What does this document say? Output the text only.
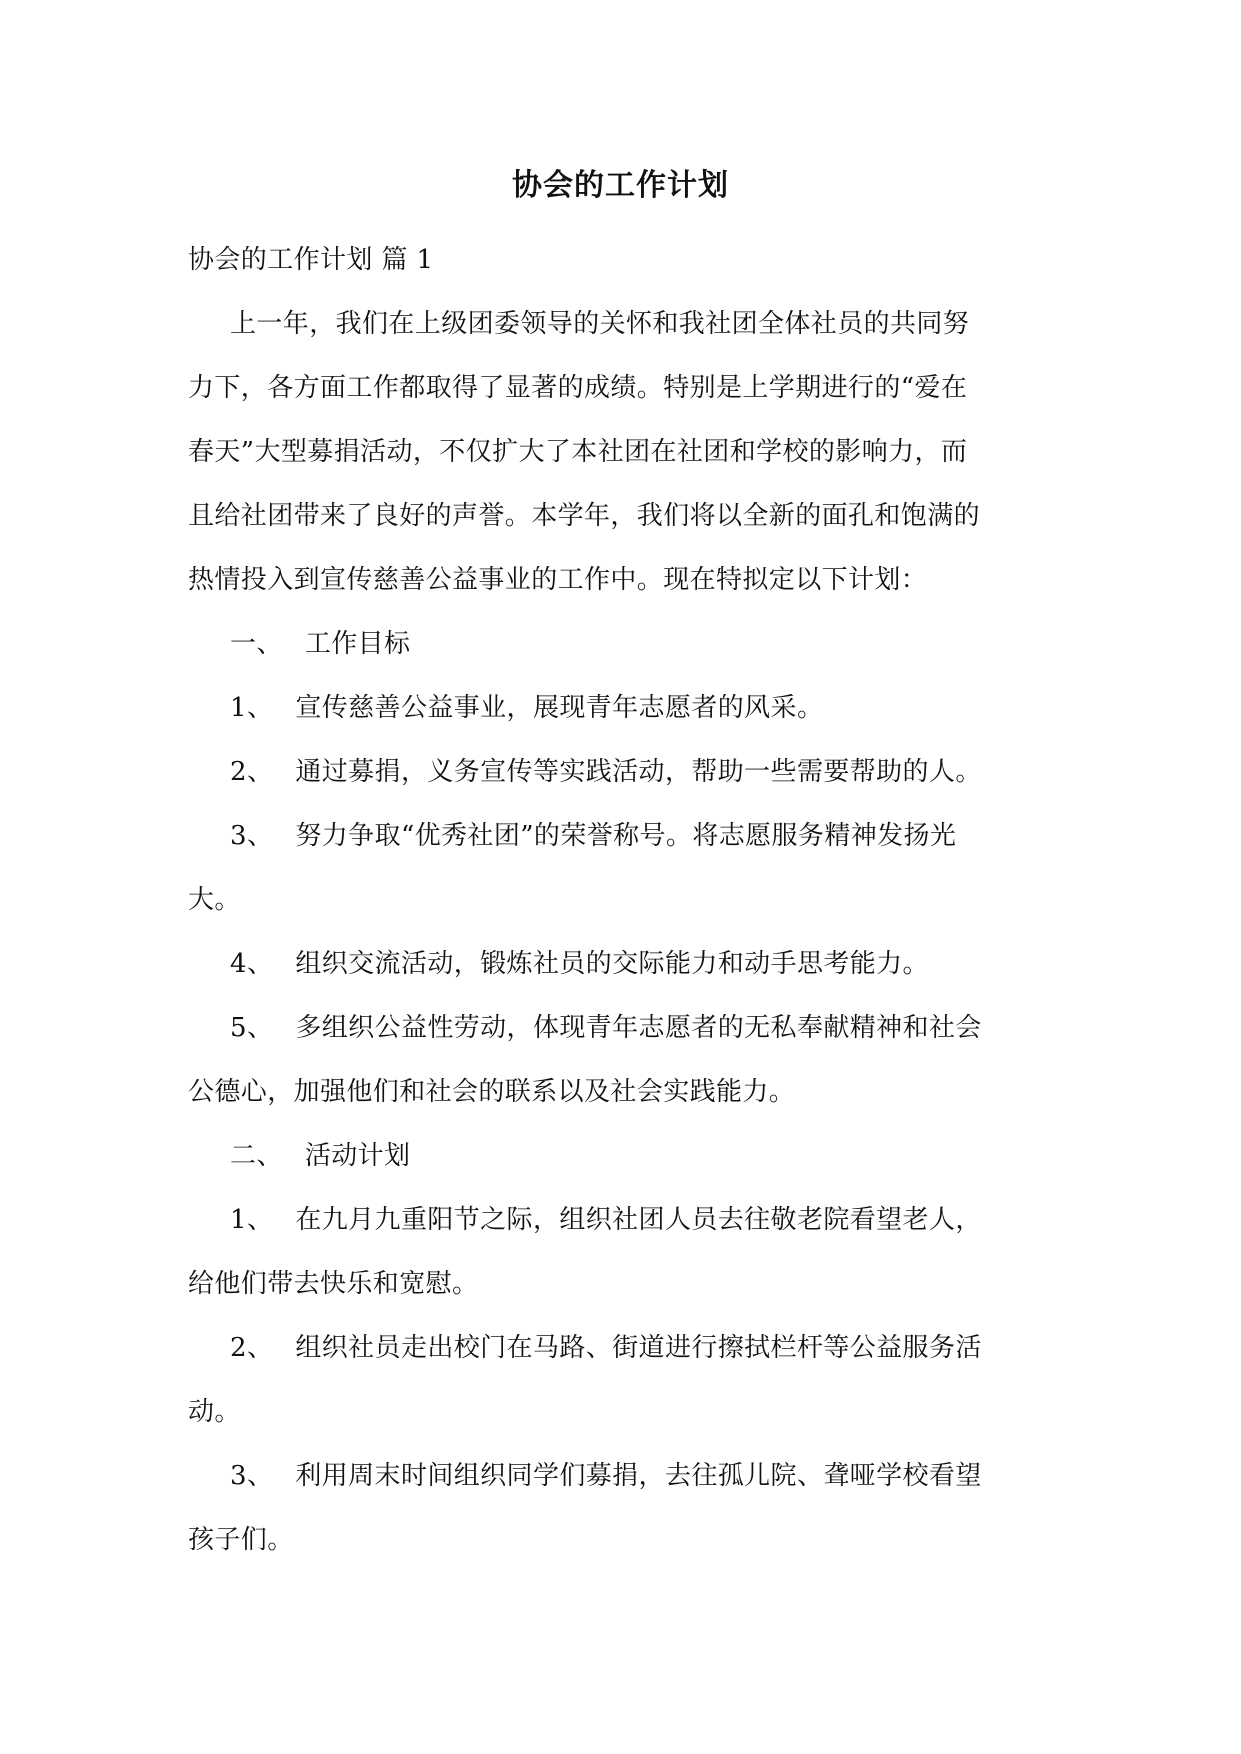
协会的工作计划
协会的工作计划 篇 1
上一年，我们在上级团委领导的关怀和我社团全体社员的共同努
力下，各方面工作都取得了显著的成绩。特别是上学期进行的“爱在
春天”大型募捐活动，不仅扩大了本社团在社团和学校的影响力，而
且给社团带来了良好的声誉。本学年，我们将以全新的面孔和饱满的
热情投入到宣传慈善公益事业的工作中。现在特拟定以下计划：
一、 工作目标
1、 宣传慈善公益事业，展现青年志愿者的风采。
2、 通过募捐，义务宣传等实践活动，帮助一些需要帮助的人。
3、 努力争取“优秀社团”的荣誉称号。将志愿服务精神发扬光
大。
4、 组织交流活动，锻炼社员的交际能力和动手思考能力。
5、 多组织公益性劳动，体现青年志愿者的无私奉献精神和社会
公德心，加强他们和社会的联系以及社会实践能力。
二、 活动计划
1、 在九月九重阳节之际，组织社团人员去往敬老院看望老人，
给他们带去快乐和宽慰。
2、 组织社员走出校门在马路、街道进行擦拭栏杆等公益服务活
动。
3、 利用周末时间组织同学们募捐，去往孤儿院、聋哑学校看望
孩子们。
